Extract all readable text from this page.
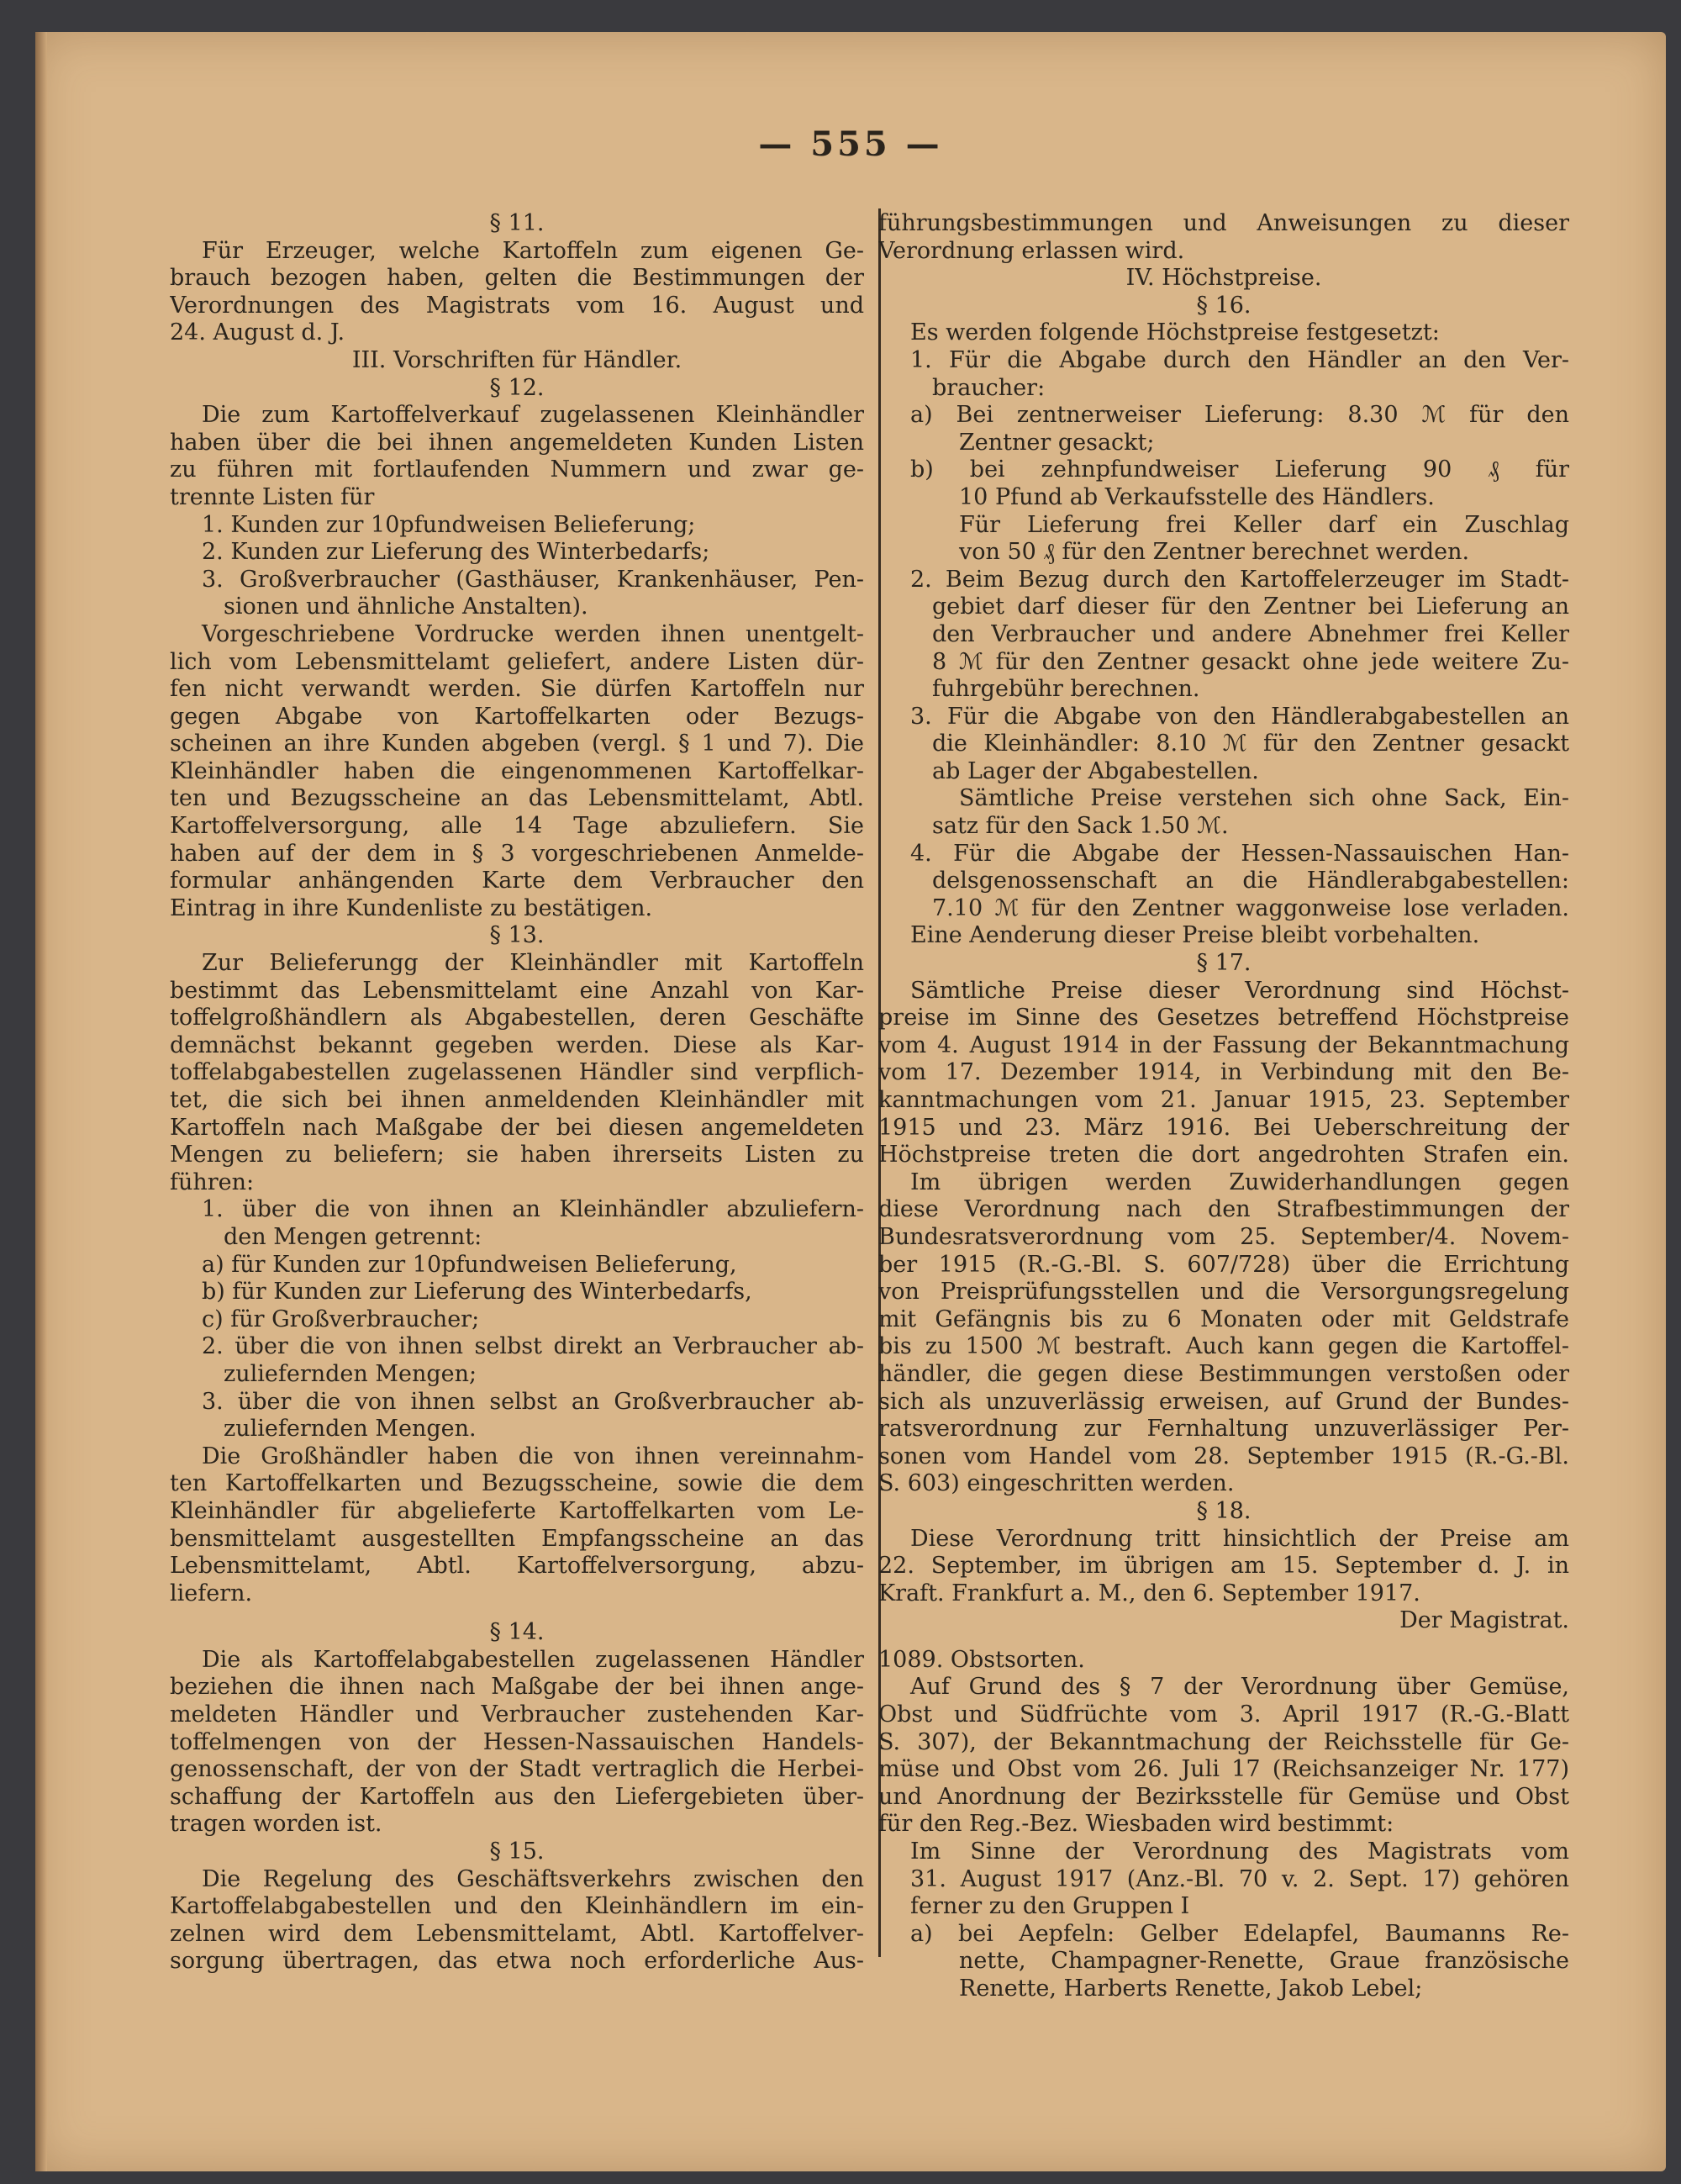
— 555 —

§ 11.

Für Erzeuger, welche Kartoffeln zum eigenen Ge-

brauch bezogen haben, gelten die Bestimmungen der

Verordnungen des Magistrats vom 16. August und

24. August d. J.

III. Vorschriften für Händler.

§ 12.

Die zum Kartoffelverkauf zugelassenen Kleinhändler

haben über die bei ihnen angemeldeten Kunden Listen

zu führen mit fortlaufenden Nummern und zwar ge-

trennte Listen für

1. Kunden zur 10pfundweisen Belieferung;

2. Kunden zur Lieferung des Winterbedarfs;

3. Großverbraucher (Gasthäuser, Krankenhäuser, Pen-

sionen und ähnliche Anstalten).

Vorgeschriebene Vordrucke werden ihnen unentgelt-

lich vom Lebensmittelamt geliefert, andere Listen dür-

fen nicht verwandt werden. Sie dürfen Kartoffeln nur

gegen Abgabe von Kartoffelkarten oder Bezugs-

scheinen an ihre Kunden abgeben (vergl. § 1 und 7). Die

Kleinhändler haben die eingenommenen Kartoffelkar-

ten und Bezugsscheine an das Lebensmittelamt, Abtl.

Kartoffelversorgung, alle 14 Tage abzuliefern. Sie

haben auf der dem in § 3 vorgeschriebenen Anmelde-

formular anhängenden Karte dem Verbraucher den

Eintrag in ihre Kundenliste zu bestätigen.

§ 13.

Zur Belieferungg der Kleinhändler mit Kartoffeln

bestimmt das Lebensmittelamt eine Anzahl von Kar-

toffelgroßhändlern als Abgabestellen, deren Geschäfte

demnächst bekannt gegeben werden. Diese als Kar-

toffelabgabestellen zugelassenen Händler sind verpflich-

tet, die sich bei ihnen anmeldenden Kleinhändler mit

Kartoffeln nach Maßgabe der bei diesen angemeldeten

Mengen zu beliefern; sie haben ihrerseits Listen zu

führen:

1. über die von ihnen an Kleinhändler abzuliefern-

den Mengen getrennt:

a) für Kunden zur 10pfundweisen Belieferung,

b) für Kunden zur Lieferung des Winterbedarfs,

c) für Großverbraucher;

2. über die von ihnen selbst direkt an Verbraucher ab-

zuliefernden Mengen;

3. über die von ihnen selbst an Großverbraucher ab-

zuliefernden Mengen.

Die Großhändler haben die von ihnen vereinnahm-

ten Kartoffelkarten und Bezugsscheine, sowie die dem

Kleinhändler für abgelieferte Kartoffelkarten vom Le-

bensmittelamt ausgestellten Empfangsscheine an das

Lebensmittelamt, Abtl. Kartoffelversorgung, abzu-

liefern.

§ 14.

Die als Kartoffelabgabestellen zugelassenen Händler

beziehen die ihnen nach Maßgabe der bei ihnen ange-

meldeten Händler und Verbraucher zustehenden Kar-

toffelmengen von der Hessen-Nassauischen Handels-

genossenschaft, der von der Stadt vertraglich die Herbei-

schaffung der Kartoffeln aus den Liefergebieten über-

tragen worden ist.

§ 15.

Die Regelung des Geschäftsverkehrs zwischen den

Kartoffelabgabestellen und den Kleinhändlern im ein-

zelnen wird dem Lebensmittelamt, Abtl. Kartoffelver-

sorgung übertragen, das etwa noch erforderliche Aus-

führungsbestimmungen und Anweisungen zu dieser

Verordnung erlassen wird.

IV. Höchstpreise.

§ 16.

Es werden folgende Höchstpreise festgesetzt:

1. Für die Abgabe durch den Händler an den Ver-

braucher:

a) Bei zentnerweiser Lieferung: 8.30 ℳ für den

Zentner gesackt;

b) bei zehnpfundweiser Lieferung 90 ₰ für

10 Pfund ab Verkaufsstelle des Händlers.

Für Lieferung frei Keller darf ein Zuschlag

von 50 ₰ für den Zentner berechnet werden.

2. Beim Bezug durch den Kartoffelerzeuger im Stadt-

gebiet darf dieser für den Zentner bei Lieferung an

den Verbraucher und andere Abnehmer frei Keller

8 ℳ für den Zentner gesackt ohne jede weitere Zu-

fuhrgebühr berechnen.

3. Für die Abgabe von den Händlerabgabestellen an

die Kleinhändler: 8.10 ℳ für den Zentner gesackt

ab Lager der Abgabestellen.

Sämtliche Preise verstehen sich ohne Sack, Ein-

satz für den Sack 1.50 ℳ.

4. Für die Abgabe der Hessen-Nassauischen Han-

delsgenossenschaft an die Händlerabgabestellen:

7.10 ℳ für den Zentner waggonweise lose verladen.

Eine Aenderung dieser Preise bleibt vorbehalten.

§ 17.

Sämtliche Preise dieser Verordnung sind Höchst-

preise im Sinne des Gesetzes betreffend Höchstpreise

vom 4. August 1914 in der Fassung der Bekanntmachung

vom 17. Dezember 1914, in Verbindung mit den Be-

kanntmachungen vom 21. Januar 1915, 23. September

1915 und 23. März 1916. Bei Ueberschreitung der

Höchstpreise treten die dort angedrohten Strafen ein.

Im übrigen werden Zuwiderhandlungen gegen

diese Verordnung nach den Strafbestimmungen der

Bundesratsverordnung vom 25. September/4. Novem-

ber 1915 (R.-G.-Bl. S. 607/728) über die Errichtung

von Preisprüfungsstellen und die Versorgungsregelung

mit Gefängnis bis zu 6 Monaten oder mit Geldstrafe

bis zu 1500 ℳ bestraft. Auch kann gegen die Kartoffel-

händler, die gegen diese Bestimmungen verstoßen oder

sich als unzuverlässig erweisen, auf Grund der Bundes-

ratsverordnung zur Fernhaltung unzuverlässiger Per-

sonen vom Handel vom 28. September 1915 (R.-G.-Bl.

S. 603) eingeschritten werden.

§ 18.

Diese Verordnung tritt hinsichtlich der Preise am

22. September, im übrigen am 15. September d. J. in

Kraft. Frankfurt a. M., den 6. September 1917.

Der Magistrat.

1089. Obstsorten.

Auf Grund des § 7 der Verordnung über Gemüse,

Obst und Südfrüchte vom 3. April 1917 (R.-G.-Blatt

S. 307), der Bekanntmachung der Reichsstelle für Ge-

müse und Obst vom 26. Juli 17 (Reichsanzeiger Nr. 177)

und Anordnung der Bezirksstelle für Gemüse und Obst

für den Reg.-Bez. Wiesbaden wird bestimmt:

Im Sinne der Verordnung des Magistrats vom

31. August 1917 (Anz.-Bl. 70 v. 2. Sept. 17) gehören

ferner zu den Gruppen I

a) bei Aepfeln: Gelber Edelapfel, Baumanns Re-

nette, Champagner-Renette, Graue französische

Renette, Harberts Renette, Jakob Lebel;
